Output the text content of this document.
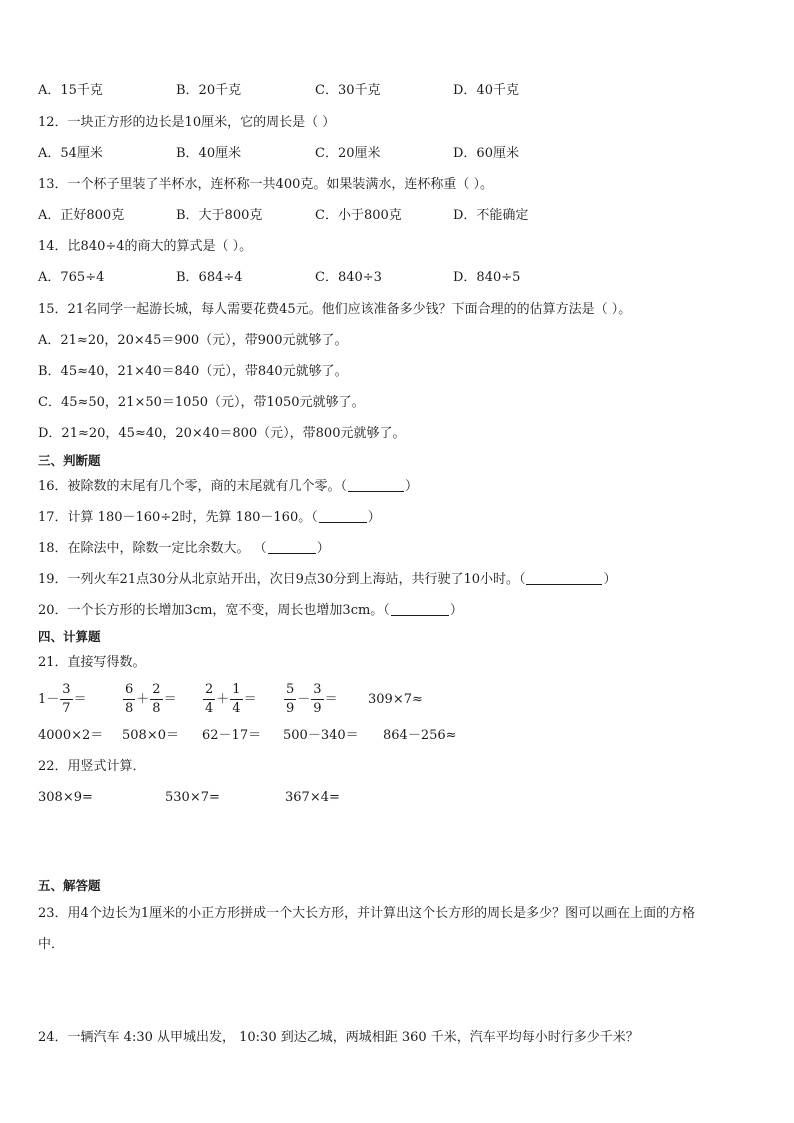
A．15千克	B．20千克	C．30千克	D．40千克
12．一块正方形的边长是10厘米，它的周长是（ ）
A．54厘米	B．40厘米	C．20厘米	D．60厘米
13．一个杯子里装了半杯水，连杯称一共400克。如果装满水，连杯称重（ ）。
A．正好800克	B．大于800克	C．小于800克	D．不能确定
14．比840÷4的商大的算式是（ ）。
A．765÷4	B．684÷4	C．840÷3	D．840÷5
15．21名同学一起游长城，每人需要花费45元。他们应该准备多少钱？下面合理的的估算方法是（ ）。
A．21≈20，20×45＝900（元），带900元就够了。
B．45≈40，21×40＝840（元），带840元就够了。
C．45≈50，21×50＝1050（元），带1050元就够了。
D．21≈20，45≈40，20×40＝800（元），带800元就够了。
三、判断题
16．被除数的末尾有几个零，商的末尾就有几个零。（	）
17．计算 180－160÷2时，先算 180－160。（	）
18．在除法中，除数一定比余数大。 （	）
19．一列火车21点30分从北京站开出，次日9点30分到上海站，共行驶了10小时。（	）
20．一个长方形的长增加3cm，宽不变，周长也增加3cm。（	）
四、计算题
21．直接写得数。
$1- \frac{3}{7}$ ＝	$\frac{6}{8} + \frac{2}{8} = \frac{2}{4} + \frac{1}{4} = \frac{5}{9} - \frac{3}{9} = 309\times 7\approx$
4000×2＝ 508×0＝ 62－17＝ 500－340＝ 864－256≈
22．用竖式计算．
308×9=	530×7=	367×4=
五、解答题
23．用4个边长为1厘米的小正方形拼成一个大长方形，并计算出这个长方形的周长是多少？图可以画在上面的方格
中．
24．一辆汽车 4:30 从甲城出发， 10:30 到达乙城，两城相距 360 千米，汽车平均每小时行多少千米？
